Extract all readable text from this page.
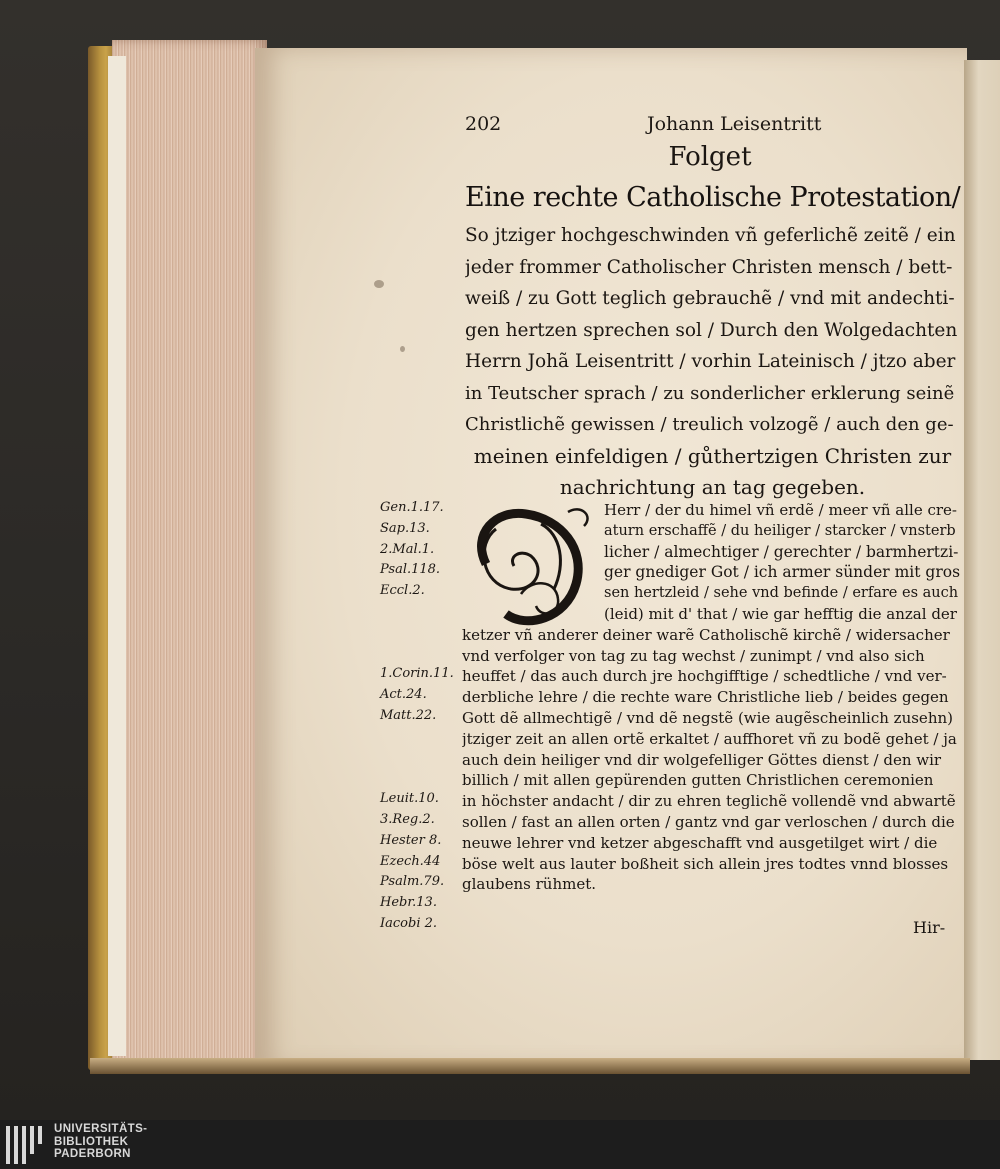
202	Johann Leisentritt
Folget
Eine rechte Catholische Protestation/
So jtziger hochgeschwinden vñ geferlichẽ zeitẽ / ein
jeder frommer Catholischer Christen mensch / bett-
weiß / zu Gott teglich gebrauchẽ / vnd mit andechti-
gen hertzen sprechen sol / Durch den Wolgedachten
Herrn Johã Leisentritt / vorhin Lateinisch / jtzo aber
in Teutscher sprach / zu sonderlicher erklerung seinẽ
Christlichẽ gewissen / treulich volzogẽ / auch den ge-
meinen einfeldigen / gůthertzigen Christen zur
nachrichtung an tag gegeben.
Gen.1.17.
Sap.13.
2.Mal.1.
Psal.118.
Eccl.2.
1.Corin.11.
Act.24.
Matt.22.
Leuit.10.
3.Reg.2.
Hester 8.
Ezech.44
Psalm.79.
Hebr.13.
Iacobi 2.
Herr / der du himel vñ erdẽ / meer vñ alle cre-
aturn erschaffẽ / du heiliger / starcker / vnsterb
licher / almechtiger / gerechter / barmhertzi-
ger gnediger Got / ich armer sünder mit gros
sen hertzleid / sehe vnd befinde / erfare es auch
(leid) mit d' that / wie gar hefftig die anzal der
ketzer vñ anderer deiner warẽ Catholischẽ kirchẽ / widersacher
vnd verfolger von tag zu tag wechst / zunimpt / vnd also sich
heuffet / das auch durch jre hochgifftige / schedtliche / vnd ver-
derbliche lehre / die rechte ware Christliche lieb / beides gegen
Gott dẽ allmechtigẽ / vnd dẽ negstẽ (wie augẽscheinlich zusehn)
jtziger zeit an allen ortẽ erkaltet / auffhoret vñ zu bodẽ gehet / ja
auch dein heiliger vnd dir wolgefelliger Göttes dienst / den wir
billich / mit allen gepürenden gutten Christlichen ceremonien
in höchster andacht / dir zu ehren teglichẽ vollendẽ vnd abwartẽ
sollen / fast an allen orten / gantz vnd gar verloschen / durch die
neuwe lehrer vnd ketzer abgeschafft vnd ausgetilget wirt / die
böse welt aus lauter boßheit sich allein jres todtes vnnd blosses
glaubens rühmet.
Hir-
UNIVERSITÄTS-
BIBLIOTHEK
PADERBORN
